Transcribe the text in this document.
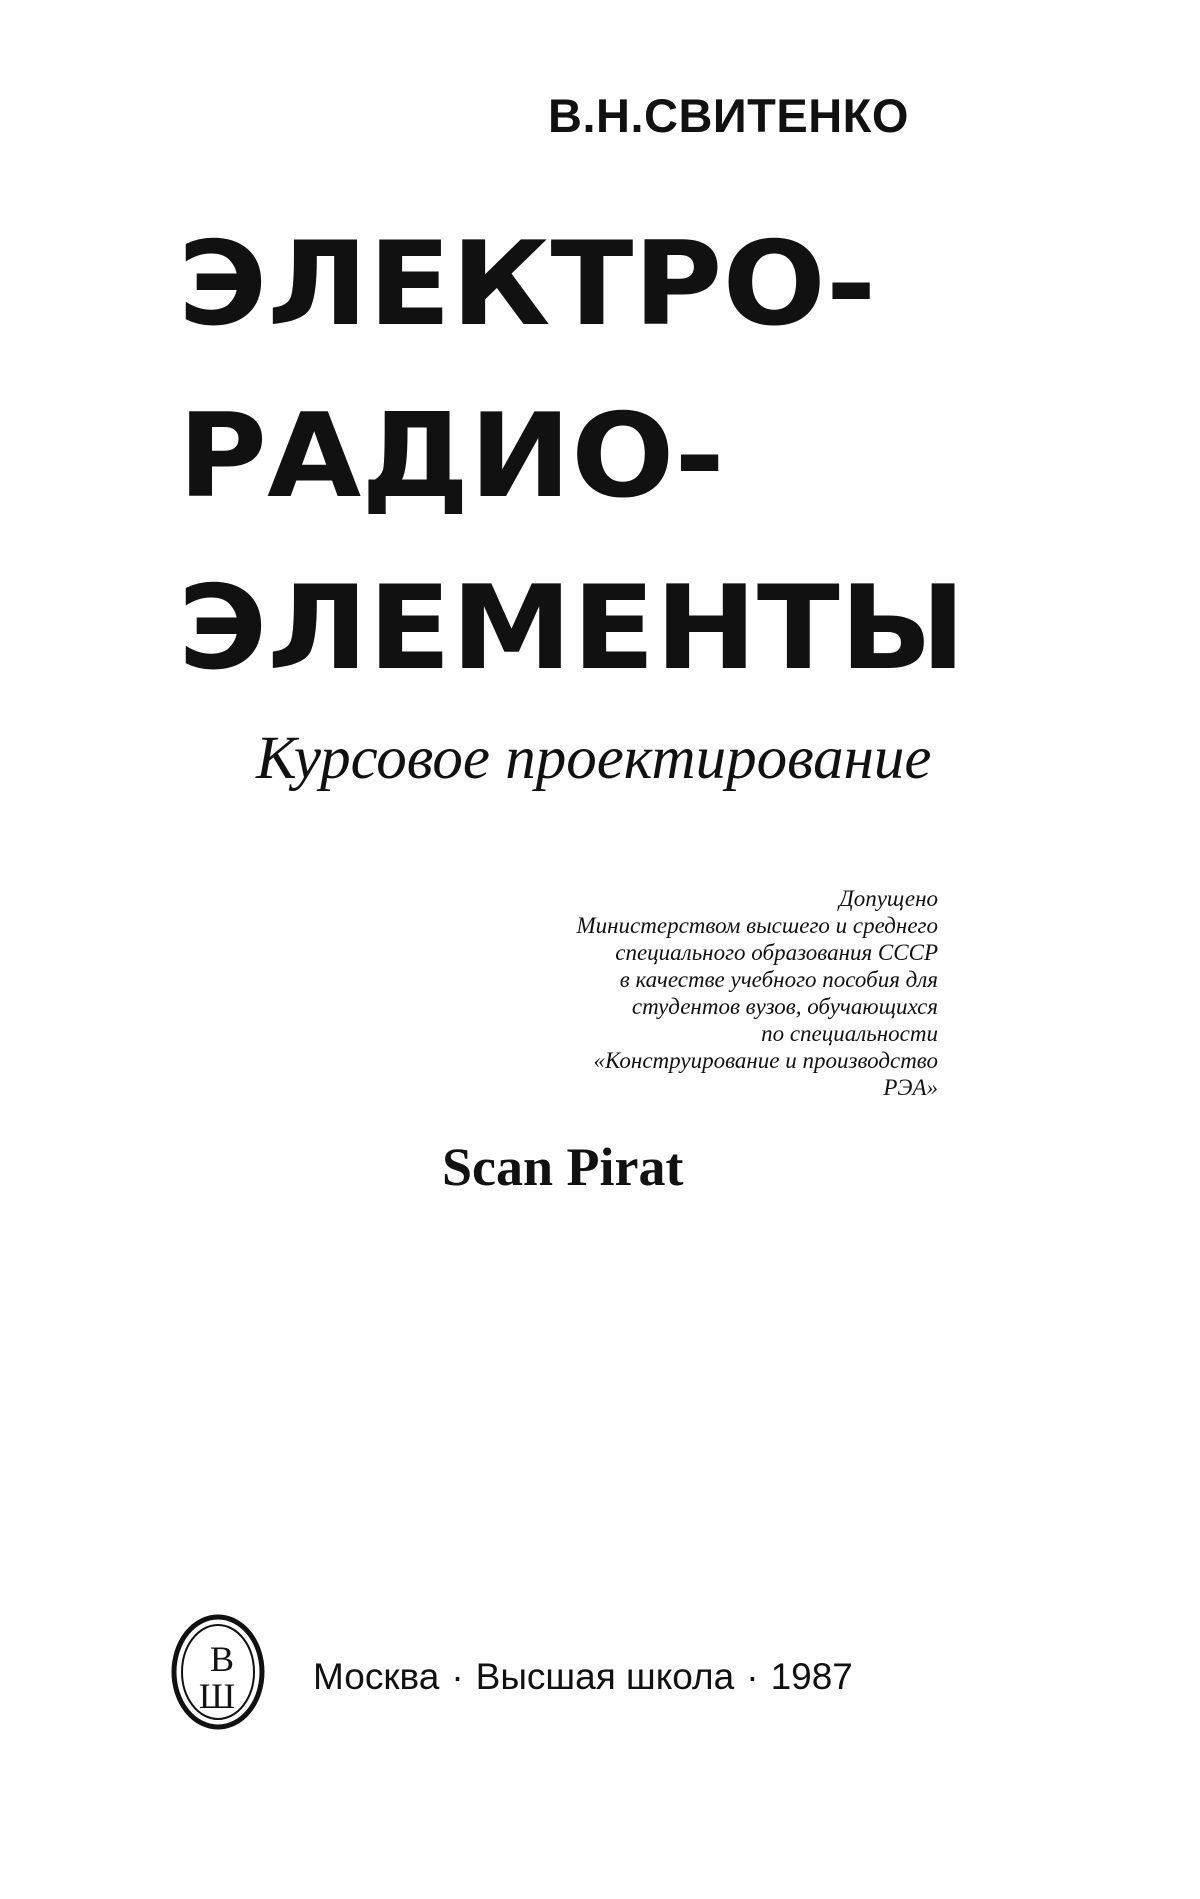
В.Н.СВИТЕНКО
ЭЛЕКТРО-
РАДИО-
ЭЛЕМЕНТЫ
Курсовое проектирование
Допущено
Министерством высшего и среднего
специального образования СССР
в качестве учебного пособия для
студентов вузов, обучающихся
по специальности
«Конструирование и производство
РЭА»
Scan Pirat
В
Ш Москва · Высшая школа · 1987
